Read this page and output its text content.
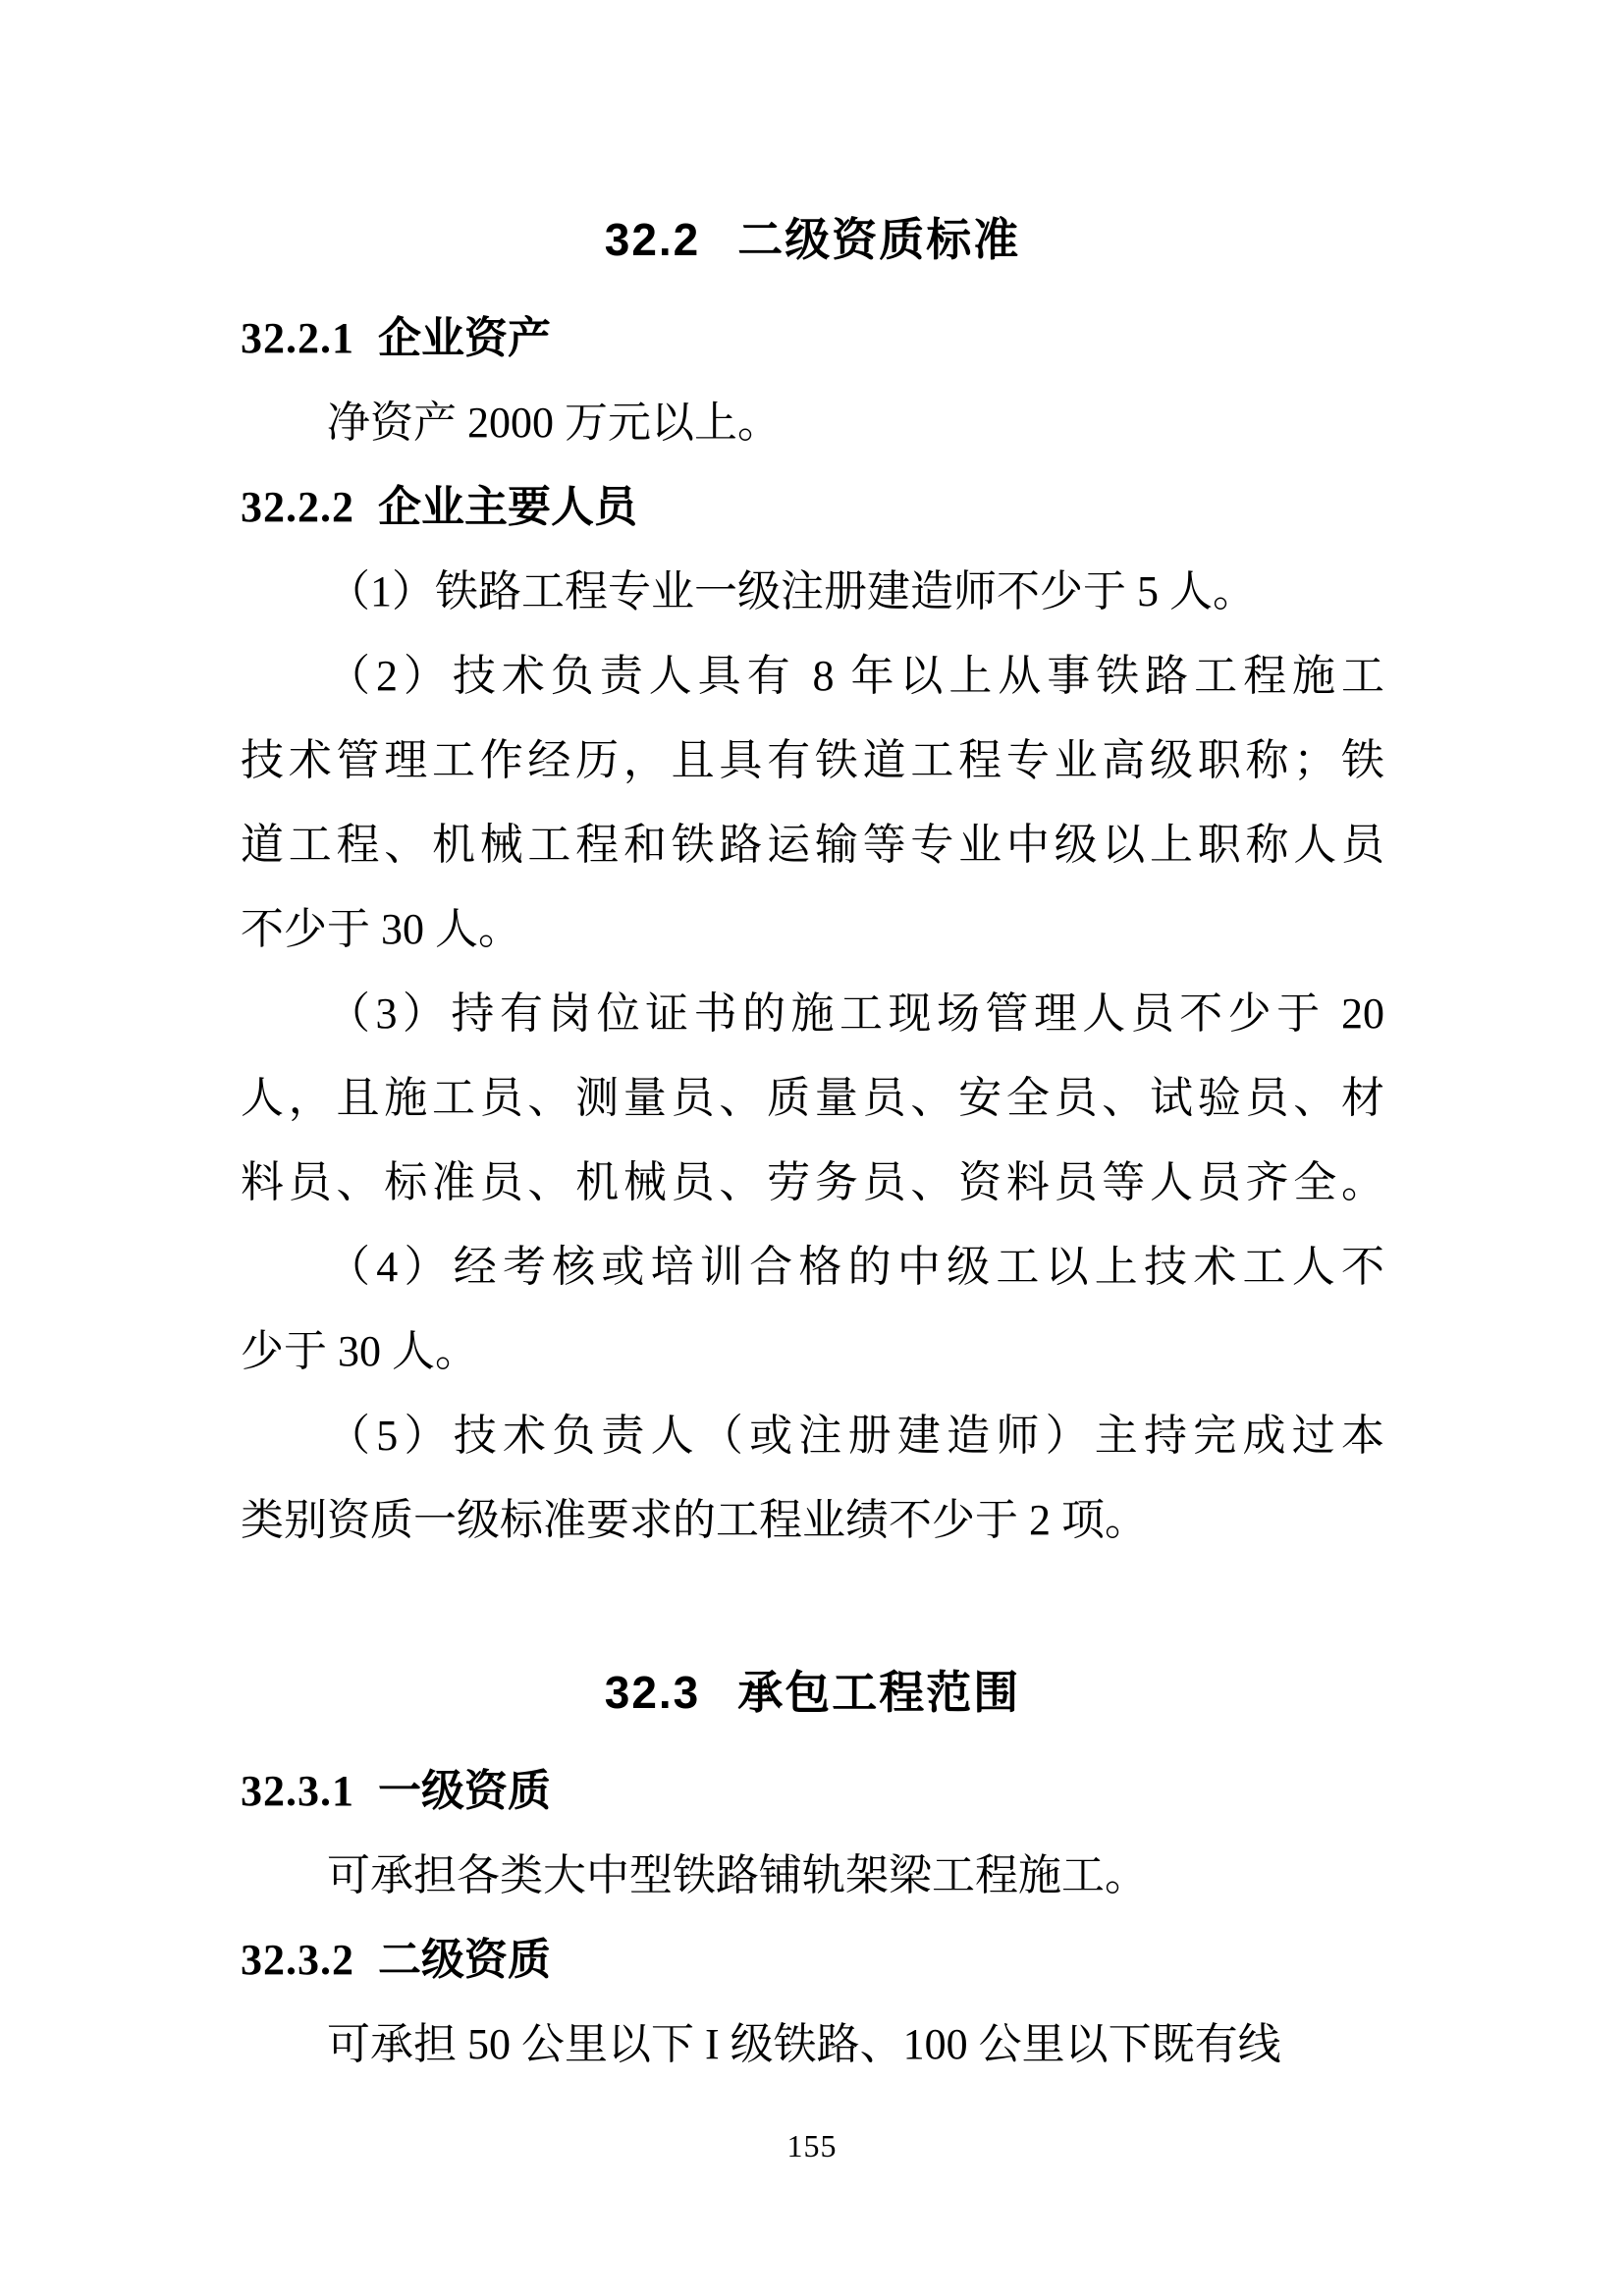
32.2 二级资质标准
32.2.1 企业资产
净资产 2000 万元以上。
32.2.2 企业主要人员
（1）铁路工程专业一级注册建造师不少于 5 人。
（2）技术负责人具有 8 年以上从事铁路工程施工
技术管理工作经历，且具有铁道工程专业高级职称；铁
道工程、机械工程和铁路运输等专业中级以上职称人员
不少于 30 人。
（3）持有岗位证书的施工现场管理人员不少于 20
人，且施工员、测量员、质量员、安全员、试验员、材
料员、标准员、机械员、劳务员、资料员等人员齐全。
（4）经考核或培训合格的中级工以上技术工人不
少于 30 人。
（5）技术负责人（或注册建造师）主持完成过本
类别资质一级标准要求的工程业绩不少于 2 项。
32.3 承包工程范围
32.3.1 一级资质
可承担各类大中型铁路铺轨架梁工程施工。
32.3.2 二级资质
可承担 50 公里以下 I 级铁路、100 公里以下既有线
155
